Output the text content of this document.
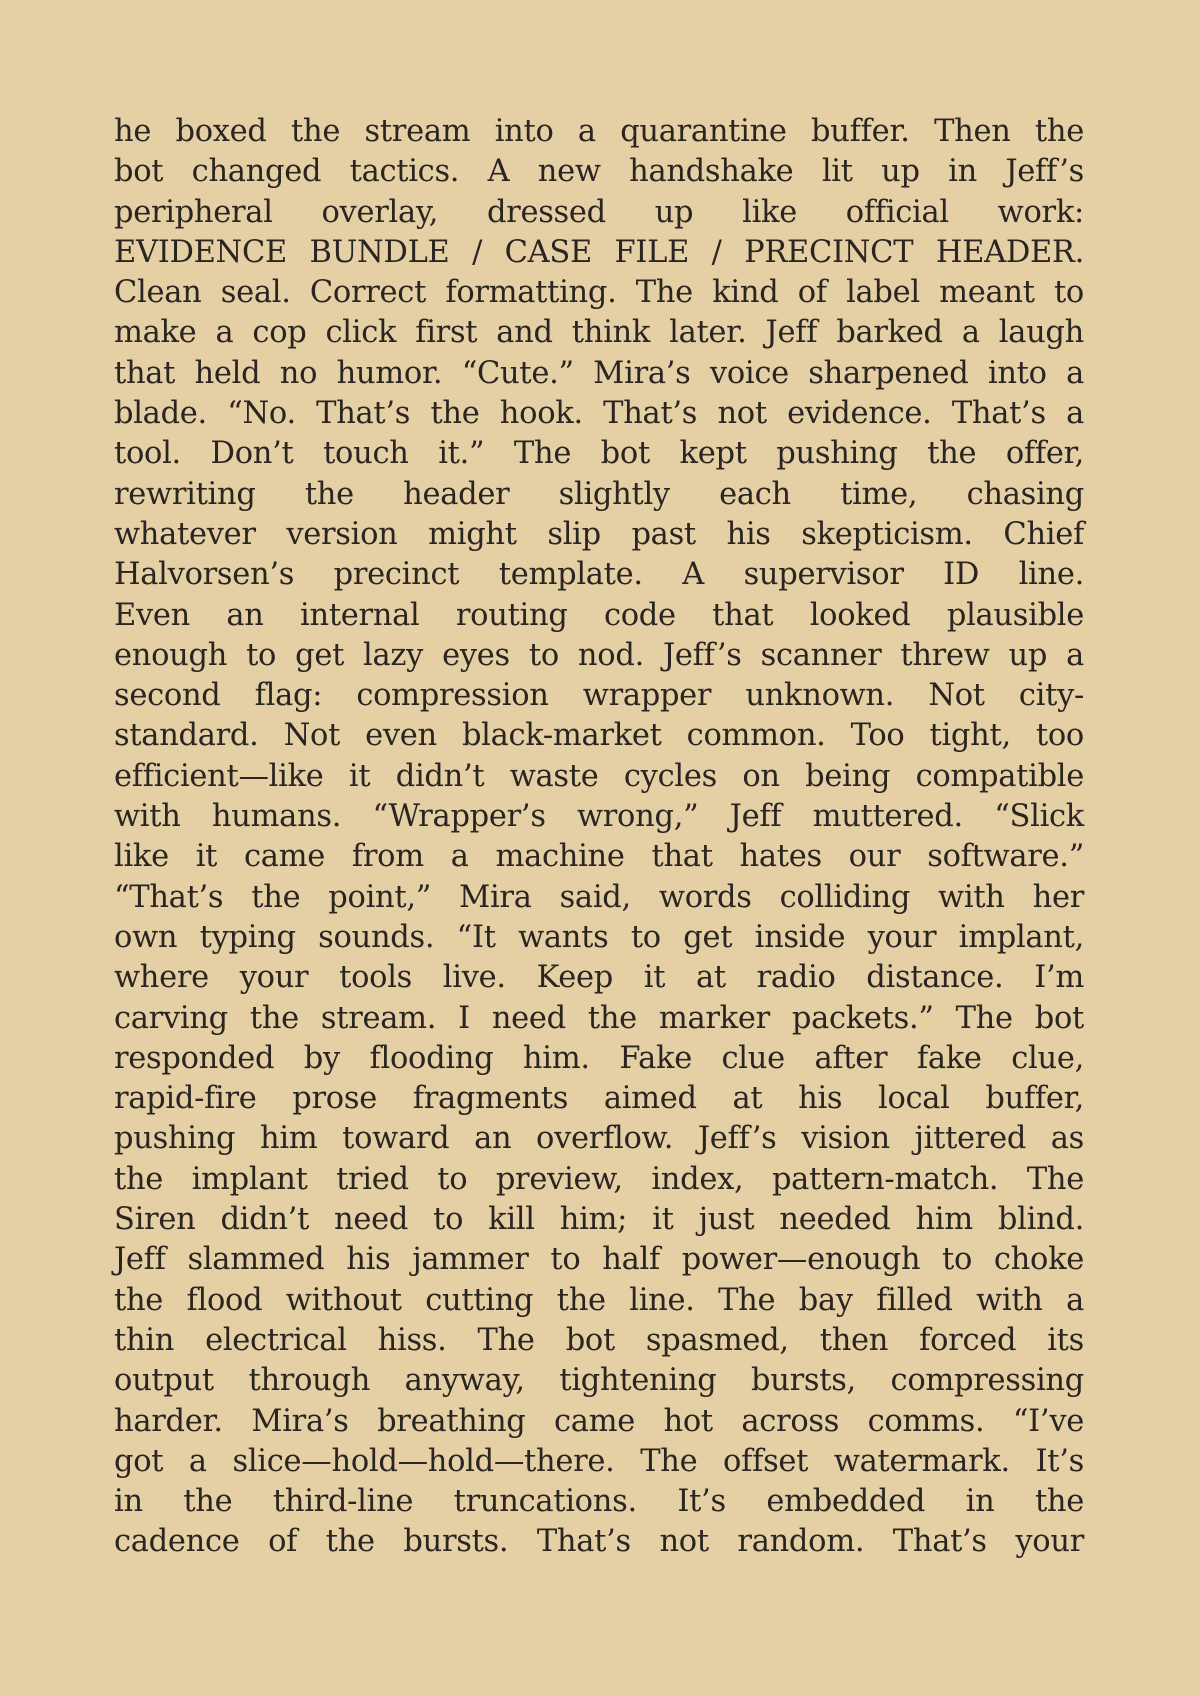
he boxed the stream into a quarantine buffer. Then the
bot changed tactics. A new handshake lit up in Jeff’s
peripheral overlay, dressed up like official work:
EVIDENCE BUNDLE / CASE FILE / PRECINCT HEADER.
Clean seal. Correct formatting. The kind of label meant to
make a cop click first and think later. Jeff barked a laugh
that held no humor. “Cute.” Mira’s voice sharpened into a
blade. “No. That’s the hook. That’s not evidence. That’s a
tool. Don’t touch it.” The bot kept pushing the offer,
rewriting the header slightly each time, chasing
whatever version might slip past his skepticism. Chief
Halvorsen’s precinct template. A supervisor ID line.
Even an internal routing code that looked plausible
enough to get lazy eyes to nod. Jeff’s scanner threw up a
second flag: compression wrapper unknown. Not city-
standard. Not even black-market common. Too tight, too
efficient—like it didn’t waste cycles on being compatible
with humans. “Wrapper’s wrong,” Jeff muttered. “Slick
like it came from a machine that hates our software.”
“That’s the point,” Mira said, words colliding with her
own typing sounds. “It wants to get inside your implant,
where your tools live. Keep it at radio distance. I’m
carving the stream. I need the marker packets.” The bot
responded by flooding him. Fake clue after fake clue,
rapid-fire prose fragments aimed at his local buffer,
pushing him toward an overflow. Jeff’s vision jittered as
the implant tried to preview, index, pattern-match. The
Siren didn’t need to kill him; it just needed him blind.
Jeff slammed his jammer to half power—enough to choke
the flood without cutting the line. The bay filled with a
thin electrical hiss. The bot spasmed, then forced its
output through anyway, tightening bursts, compressing
harder. Mira’s breathing came hot across comms. “I’ve
got a slice—hold—hold—there. The offset watermark. It’s
in the third-line truncations. It’s embedded in the
cadence of the bursts. That’s not random. That’s your
